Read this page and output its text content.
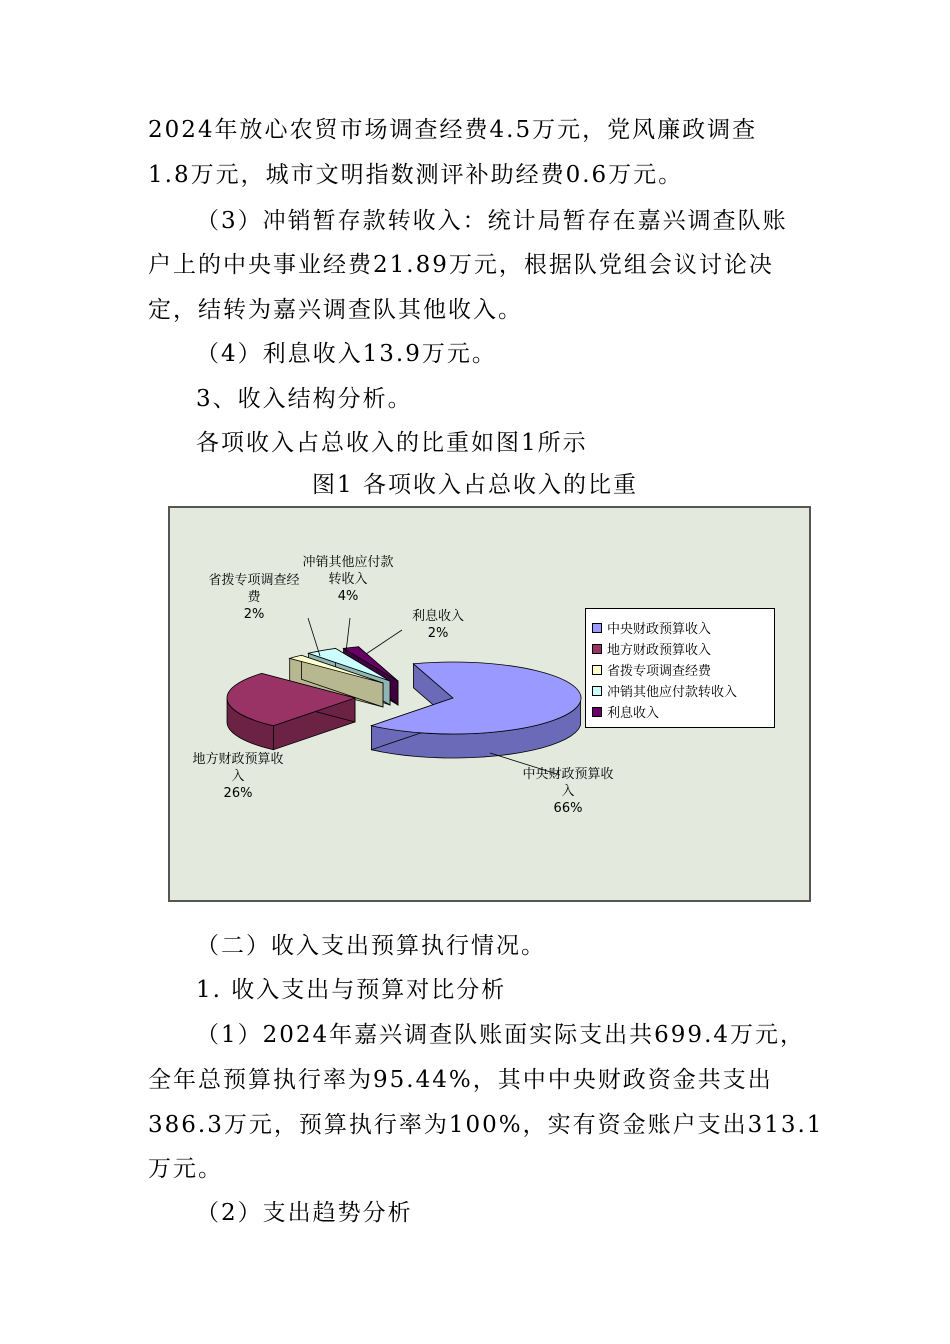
2024年放心农贸市场调查经费4.5万元，党风廉政调查
1.8万元，城市文明指数测评补助经费0.6万元。
（3）冲销暂存款转收入：统计局暂存在嘉兴调查队账
户上的中央事业经费21.89万元，根据队党组会议讨论决
定，结转为嘉兴调查队其他收入。
（4）利息收入13.9万元。
3、收入结构分析。
各项收入占总收入的比重如图1所示
图1 各项收入占总收入的比重
中央财政预算收
入
66%
地方财政预算收
入
26%
省拨专项调查经
费
2%
冲销其他应付款
转收入
4%
利息收入
2%	中央财政预算收入
地方财政预算收入
省拨专项调查经费
冲销其他应付款转收入
利息收入
（二）收入支出预算执行情况。
1. 收入支出与预算对比分析
（1）2024年嘉兴调查队账面实际支出共699.4万元，
全年总预算执行率为95.44%，其中中央财政资金共支出
386.3万元，预算执行率为100%，实有资金账户支出313.1
万元。
（2）支出趋势分析
